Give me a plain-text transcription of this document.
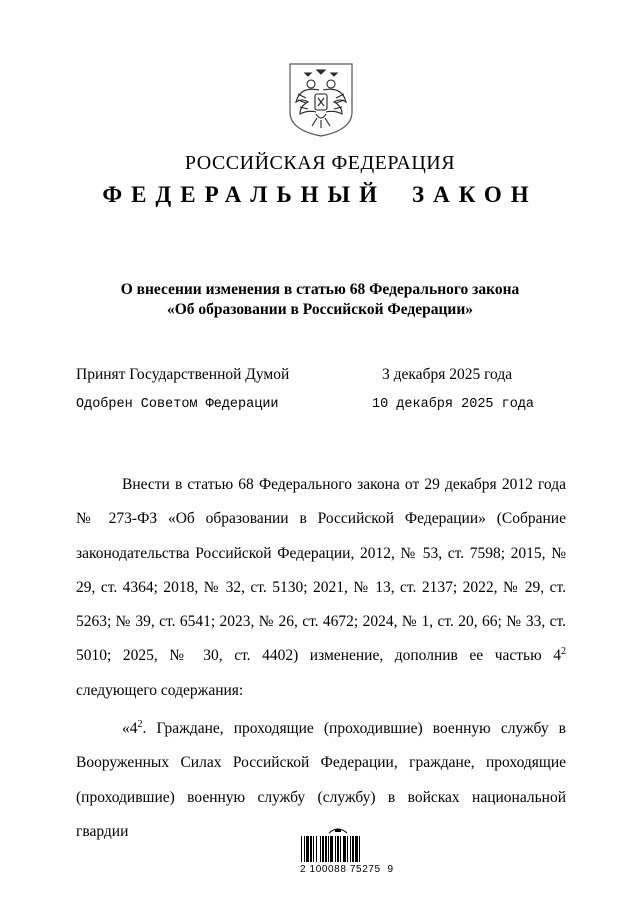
РОССИЙСКАЯ ФЕДЕРАЦИЯ
ФЕДЕРАЛЬНЫЙ ЗАКОН
О внесении изменения в статью 68 Федерального закона
«Об образовании в Российской Федерации»
Принят Государственной Думой	3 декабря 2025 года
Одобрен Советом Федерации	10 декабря 2025 года

Внести в статью 68 Федерального закона от 29 декабря 2012 года № 273-ФЗ «Об образовании в Российской Федерации» (Собрание законодательства Российской Федерации, 2012, № 53, ст. 7598; 2015, № 29, ст. 4364; 2018, № 32, ст. 5130; 2021, № 13, ст. 2137; 2022, № 29, ст. 5263; № 39, ст. 6541; 2023, № 26, ст. 4672; 2024, № 1, ст. 20, 66; № 33, ст. 5010; 2025, № 30, ст. 4402) изменение, дополнив ее частью $4^2$ следующего содержания:

«$4^2$. Граждане, проходящие (проходившие) военную службу в Вооруженных Силах Российской Федерации, граждане, проходящие (проходившие) военную службу (службу) в войсках национальной гвардии

2 100088 75275  9
